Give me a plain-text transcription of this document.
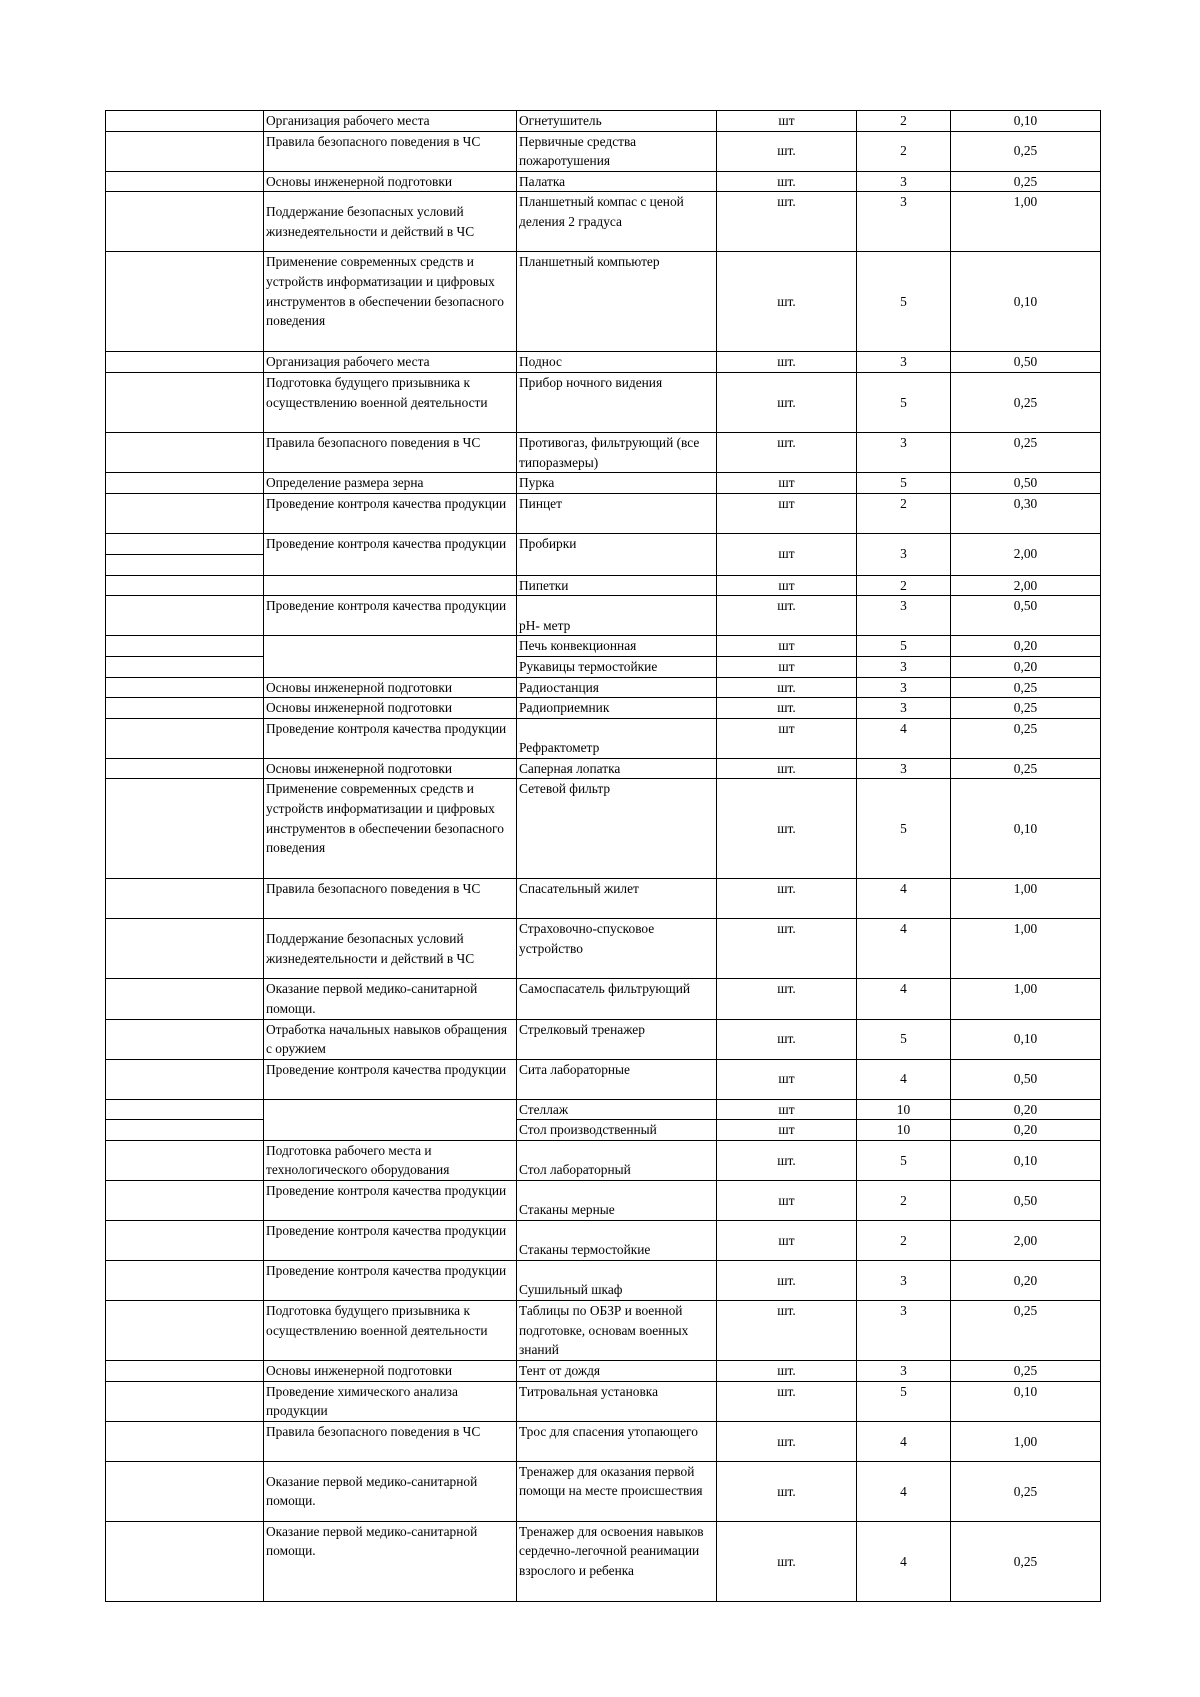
	Организация рабочего места	Огнетушитель	шт	2	0,10
	Правила безопасного поведения в ЧС	Первичные средства пожаротушения	шт.	2	0,25
	Основы инженерной подготовки	Палатка	шт.	3	0,25
	Поддержание безопасных условий жизнедеятельности и действий в ЧС	Планшетный компас с ценой деления 2 градуса	шт.	3	1,00
	Применение современных средств и устройств информатизации и цифровых инструментов в обеспечении безопасного поведения	Планшетный компьютер	шт.	5	0,10
	Организация рабочего места	Поднос	шт.	3	0,50
	Подготовка будущего призывника к осуществлению военной деятельности	Прибор ночного видения	шт.	5	0,25
	Правила безопасного поведения в ЧС	Противогаз, фильтрующий (все типоразмеры)	шт.	3	0,25
	Определение размера зерна	Пурка	шт	5	0,50
	Проведение контроля качества продукции	Пинцет	шт	2	0,30

	Проведение контроля качества продукции	Пробирки	шт	3	2,00
		Пипетки	шт	2	2,00
	Проведение контроля качества продукции	pH- метр	шт.	3	0,50
		Печь конвекционная	шт	5	0,20
		Рукавицы термостойкие	шт	3	0,20
	Основы инженерной подготовки	Радиостанция	шт.	3	0,25
	Основы инженерной подготовки	Радиоприемник	шт.	3	0,25
	Проведение контроля качества продукции	Рефрактометр	шт	4	0,25
	Основы инженерной подготовки	Саперная лопатка	шт.	3	0,25
	Применение современных средств и устройств информатизации и цифровых инструментов в обеспечении безопасного поведения	Сетевой фильтр	шт.	5	0,10
	Правила безопасного поведения в ЧС	Спасательный жилет	шт.	4	1,00
	Поддержание безопасных условий жизнедеятельности и действий в ЧС	Страховочно-спусковое устройство	шт.	4	1,00
	Оказание первой медико-санитарной помощи.	Самоспасатель фильтрующий	шт.	4	1,00
	Отработка начальных навыков обращения с оружием	Стрелковый тренажер	шт.	5	0,10
	Проведение контроля качества продукции	Сита лабораторные	шт	4	0,50
		Стеллаж	шт	10	0,20
		Стол производственный	шт	10	0,20
	Подготовка рабочего места и технологического оборудования	Стол лабораторный	шт.	5	0,10
	Проведение контроля качества продукции	Стаканы мерные	шт	2	0,50
	Проведение контроля качества продукции	Стаканы термостойкие	шт	2	2,00
	Проведение контроля качества продукции	Сушильный шкаф	шт.	3	0,20
	Подготовка будущего призывника к осуществлению военной деятельности	Таблицы по ОБЗР и военной подготовке, основам военных знаний	шт.	3	0,25
	Основы инженерной подготовки	Тент от дождя	шт.	3	0,25
	Проведение химического анализа продукции	Титровальная установка	шт.	5	0,10
	Правила безопасного поведения в ЧС	Трос для спасения утопающего	шт.	4	1,00
	Оказание первой медико-санитарной помощи.	Тренажер для оказания первой помощи на месте происшествия	шт.	4	0,25
	Оказание первой медико-санитарной помощи.	Тренажер для освоения навыков сердечно-легочной реанимации взрослого и ребенка	шт.	4	0,25
